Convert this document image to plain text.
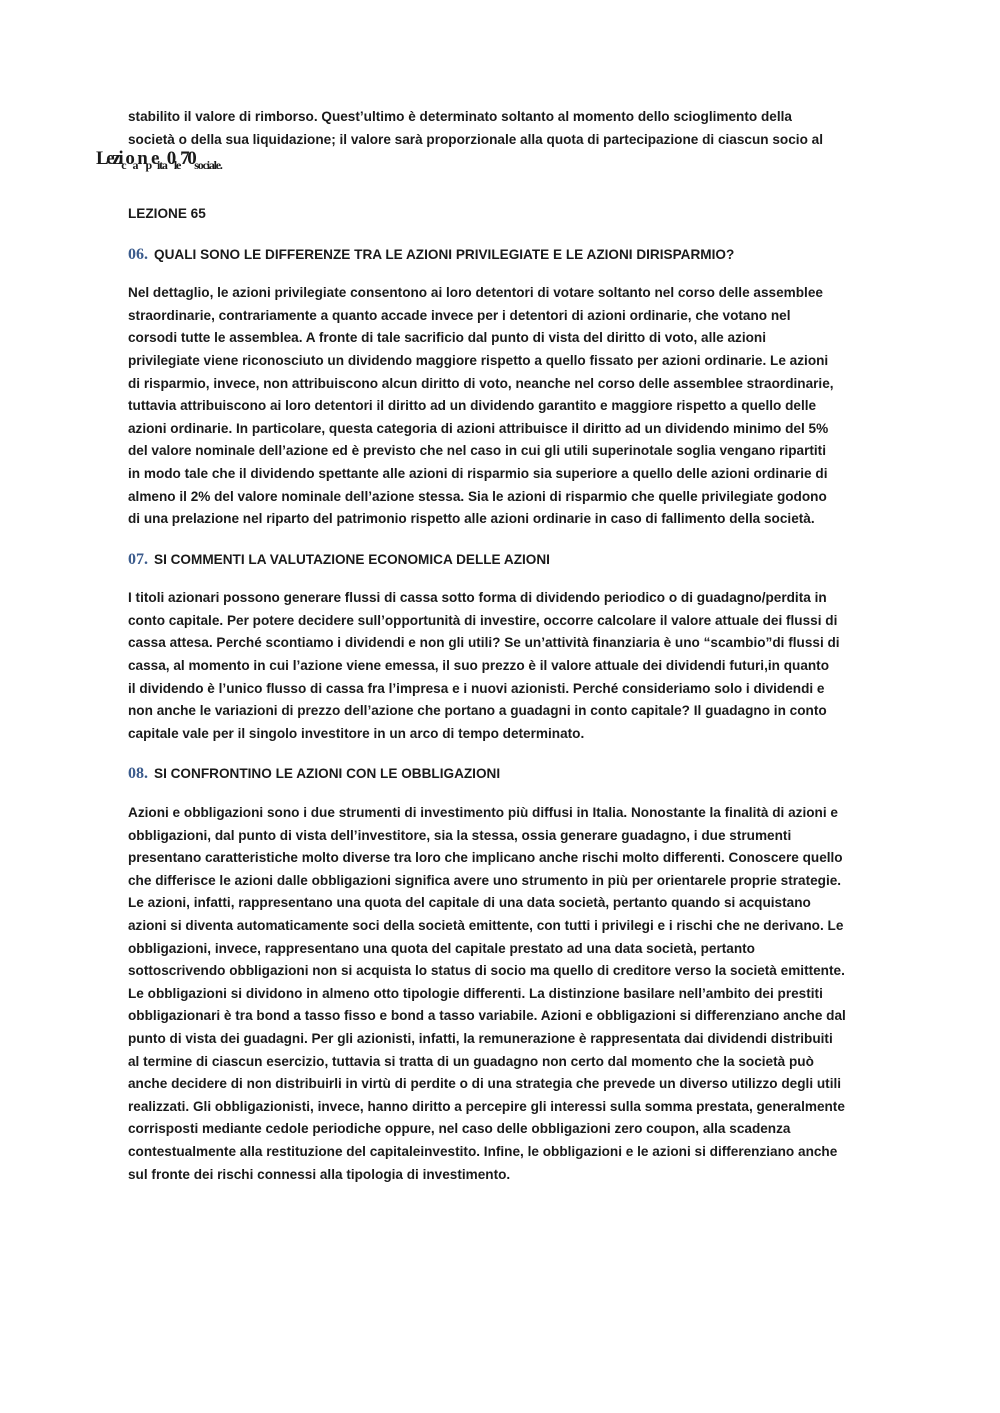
stabilito il valore di rimborso. Quest’ultimo è determinato soltanto al momento dello scioglimento della

società o della sua liquidazione; il valore sarà proporzionale alla quota di partecipazione di ciascun socio al

$Lezi_co_an_pe_{ita}0_{le}70_{sociale.}$

LEZIONE 65

06. QUALI SONO LE DIFFERENZE TRA LE AZIONI PRIVILEGIATE E LE AZIONI DIRISPARMIO?

Nel dettaglio, le azioni privilegiate consentono ai loro detentori di votare soltanto nel corso delle assemblee

straordinarie, contrariamente a quanto accade invece per i detentori di azioni ordinarie, che votano nel

corsodi tutte le assemblea. A fronte di tale sacrificio dal punto di vista del diritto di voto, alle azioni

privilegiate viene riconosciuto un dividendo maggiore rispetto a quello fissato per azioni ordinarie. Le azioni

di risparmio, invece, non attribuiscono alcun diritto di voto, neanche nel corso delle assemblee straordinarie,

tuttavia attribuiscono ai loro detentori il diritto ad un dividendo garantito e maggiore rispetto a quello delle

azioni ordinarie. In particolare, questa categoria di azioni attribuisce il diritto ad un dividendo minimo del 5%

del valore nominale dell’azione ed è previsto che nel caso in cui gli utili superinotale soglia vengano ripartiti

in modo tale che il dividendo spettante alle azioni di risparmio sia superiore a quello delle azioni ordinarie di

almeno il 2% del valore nominale dell’azione stessa. Sia le azioni di risparmio che quelle privilegiate godono

di una prelazione nel riparto del patrimonio rispetto alle azioni ordinarie in caso di fallimento della società.

07. SI COMMENTI LA VALUTAZIONE ECONOMICA DELLE AZIONI

I titoli azionari possono generare flussi di cassa sotto forma di dividendo periodico o di guadagno/perdita in

conto capitale. Per potere decidere sull’opportunità di investire, occorre calcolare il valore attuale dei flussi di

cassa attesa. Perché scontiamo i dividendi e non gli utili? Se un’attività finanziaria è uno “scambio”di flussi di

cassa, al momento in cui l’azione viene emessa, il suo prezzo è il valore attuale dei dividendi futuri,in quanto

il dividendo è l’unico flusso di cassa fra l’impresa e i nuovi azionisti. Perché consideriamo solo i dividendi e

non anche le variazioni di prezzo dell’azione che portano a guadagni in conto capitale? Il guadagno in conto

capitale vale per il singolo investitore in un arco di tempo determinato.

08. SI CONFRONTINO LE AZIONI CON LE OBBLIGAZIONI

Azioni e obbligazioni sono i due strumenti di investimento più diffusi in Italia. Nonostante la finalità di azioni e

obbligazioni, dal punto di vista dell’investitore, sia la stessa, ossia generare guadagno, i due strumenti

presentano caratteristiche molto diverse tra loro che implicano anche rischi molto differenti. Conoscere quello

che differisce le azioni dalle obbligazioni significa avere uno strumento in più per orientarele proprie strategie.

Le azioni, infatti, rappresentano una quota del capitale di una data società, pertanto quando si acquistano

azioni si diventa automaticamente soci della società emittente, con tutti i privilegi e i rischi che ne derivano. Le

obbligazioni, invece, rappresentano una quota del capitale prestato ad una data società, pertanto

sottoscrivendo obbligazioni non si acquista lo status di socio ma quello di creditore verso la società emittente.

Le obbligazioni si dividono in almeno otto tipologie differenti. La distinzione basilare nell’ambito dei prestiti

obbligazionari è tra bond a tasso fisso e bond a tasso variabile. Azioni e obbligazioni si differenziano anche dal

punto di vista dei guadagni. Per gli azionisti, infatti, la remunerazione è rappresentata dai dividendi distribuiti

al termine di ciascun esercizio, tuttavia si tratta di un guadagno non certo dal momento che la società può

anche decidere di non distribuirli in virtù di perdite o di una strategia che prevede un diverso utilizzo degli utili

realizzati. Gli obbligazionisti, invece, hanno diritto a percepire gli interessi sulla somma prestata, generalmente

corrisposti mediante cedole periodiche oppure, nel caso delle obbligazioni zero coupon, alla scadenza

contestualmente alla restituzione del capitaleinvestito. Infine, le obbligazioni e le azioni si differenziano anche

sul fronte dei rischi connessi alla tipologia di investimento.
